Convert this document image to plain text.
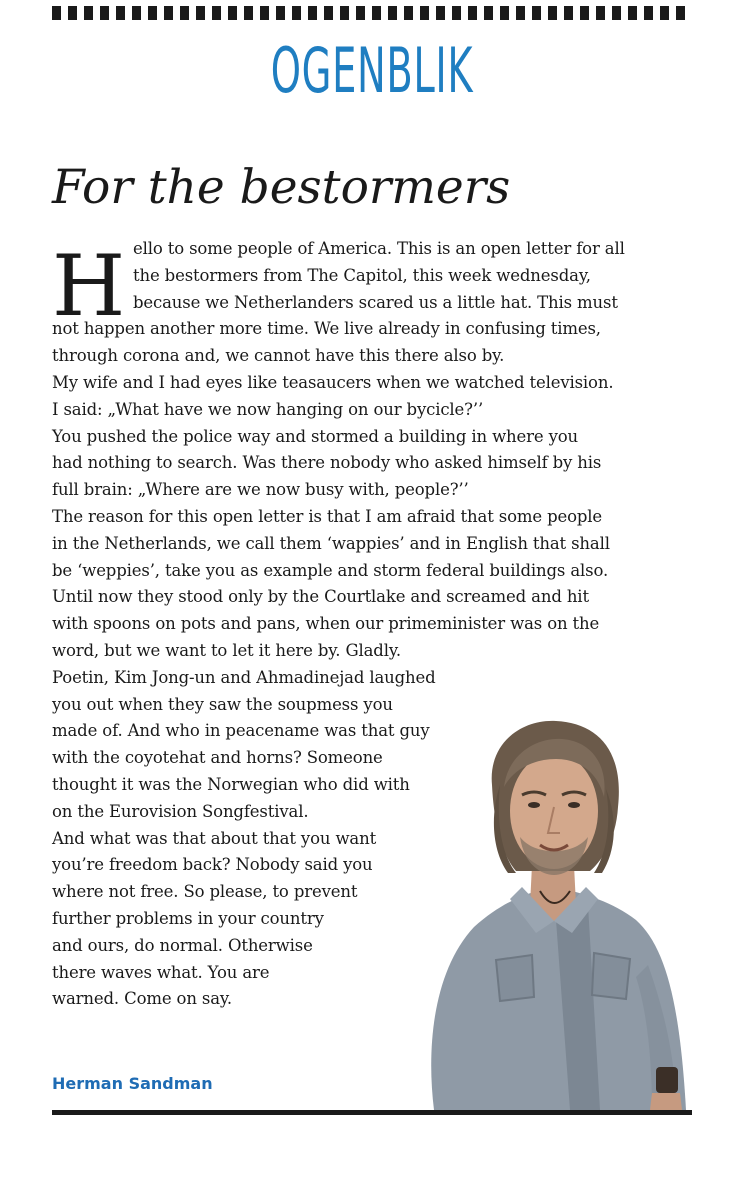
OGENBLIK
For the bestormers
H ello to some people of America. This is an open letter for all
the bestormers from The Capitol, this week wednesday,
because we Netherlanders scared us a little hat. This must
not happen another more time. We live already in confusing times,
through corona and, we cannot have this there also by.
My wife and I had eyes like teasaucers when we watched television.
I said: „What have we now hanging on our bycicle?’’
You pushed the police way and stormed a building in where you
had nothing to search. Was there nobody who asked himself by his
full brain: „Where are we now busy with, people?’’
The reason for this open letter is that I am afraid that some people
in the Netherlands, we call them ‘wappies’ and in English that shall
be ‘weppies’, take you as example and storm federal buildings also.
Until now they stood only by the Courtlake and screamed and hit
with spoons on pots and pans, when our primeminister was on the
word, but we want to let it here by. Gladly.
Poetin, Kim Jong-un and Ahmadinejad laughed
you out when they saw the soupmess you
made of. And who in peacename was that guy
with the coyotehat and horns? Someone
thought it was the Norwegian who did with
on the Eurovision Songfestival.
And what was that about that you want
you’re freedom back? Nobody said you
where not free. So please, to prevent
further problems in your country
and ours, do normal. Otherwise
there waves what. You are
warned. Come on say.
Herman Sandman
